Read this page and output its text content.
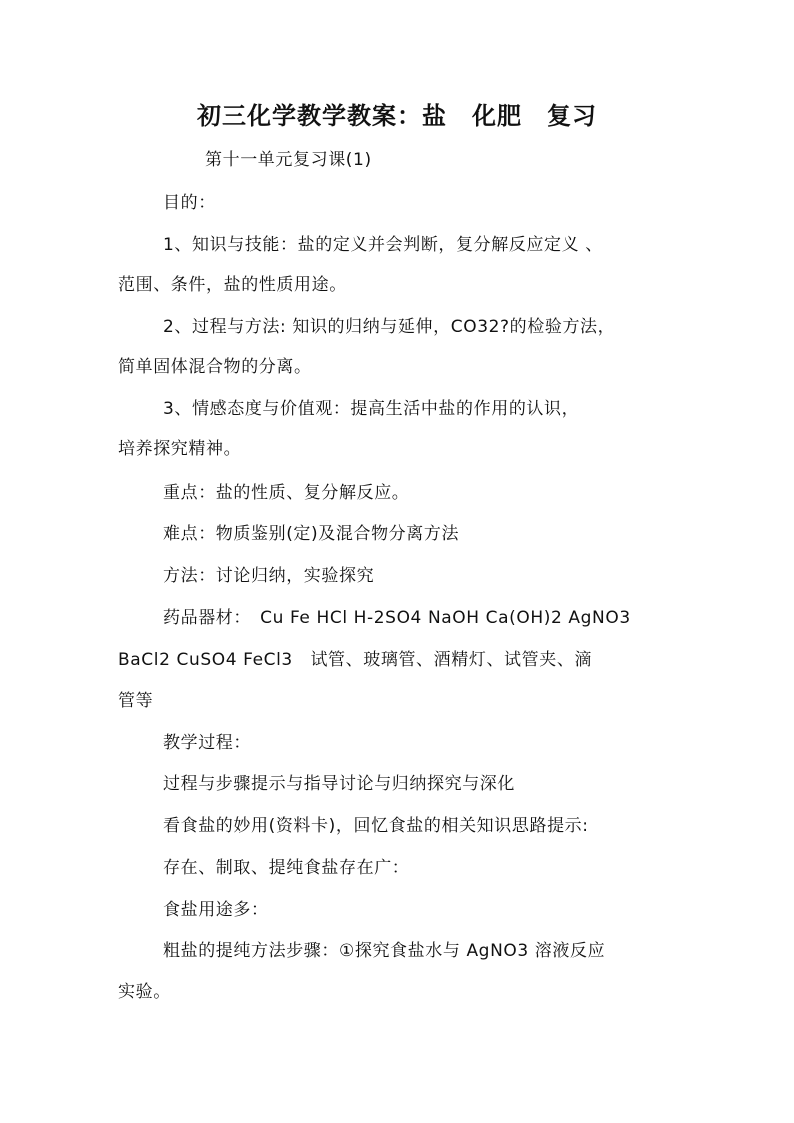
初三化学教学教案：盐　化肥　复习
第十一单元复习课(1)
目的：
1、知识与技能：盐的定义并会判断，复分解反应定义 、
范围、条件，盐的性质用途。
2、过程与方法: 知识的归纳与延伸，CO32?的检验方法，
简单固体混合物的分离。
3、情感态度与价值观：提高生活中盐的作用的认识，
培养探究精神。
重点：盐的性质、复分解反应。
难点：物质鉴别(定)及混合物分离方法
方法：讨论归纳，实验探究
药品器材：　Cu Fe HCl H-2SO4 NaOH Ca(OH)2 AgNO3
BaCl2 CuSO4 FeCl3　试管、玻璃管、酒精灯、试管夹、滴
管等
教学过程：
过程与步骤提示与指导讨论与归纳探究与深化
看食盐的妙用(资料卡)，回忆食盐的相关知识思路提示:
存在、制取、提纯食盐存在广：
食盐用途多：
粗盐的提纯方法步骤：①探究食盐水与 AgNO3 溶液反应
实验。
